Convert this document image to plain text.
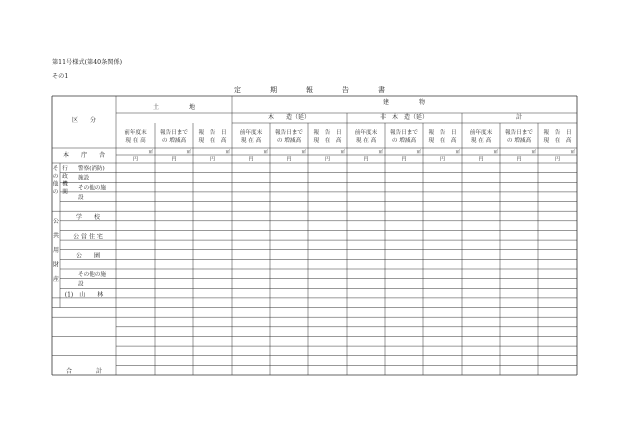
第11号様式(第40条関係)
その1
定　期　報　告　書
区　　分
土　　　　　地
建　　　　　物
木　　造（延）	非　木　造（延）	計
前年度末
現 在 高
㎡
円
報告日まで
の 増減高
㎡
円
報　告　日
現　在　高
㎡
円
前年度末
現 在 高
㎡
円
報告日まで
の 増減高
㎡
円
報　告　日
現　在　高
㎡
円
前年度末
現 在 高
㎡
円
報告日まで
の 増減高
㎡
円
報　告　日
現　在　高
㎡
円
前年度末
現 在 高
㎡
円
報告日まで
の 増減高
㎡
円
報　告　日
現　在　高
㎡
円
本　　庁　　舎
そ 行
の 政
他 機
の 関
警察(消防)
施設
その他の施
設
公
共
用
財
産
学　　校
公 営 住 宅
公　　園
その他の施
設
(1)　山　　林
合　　　　計
